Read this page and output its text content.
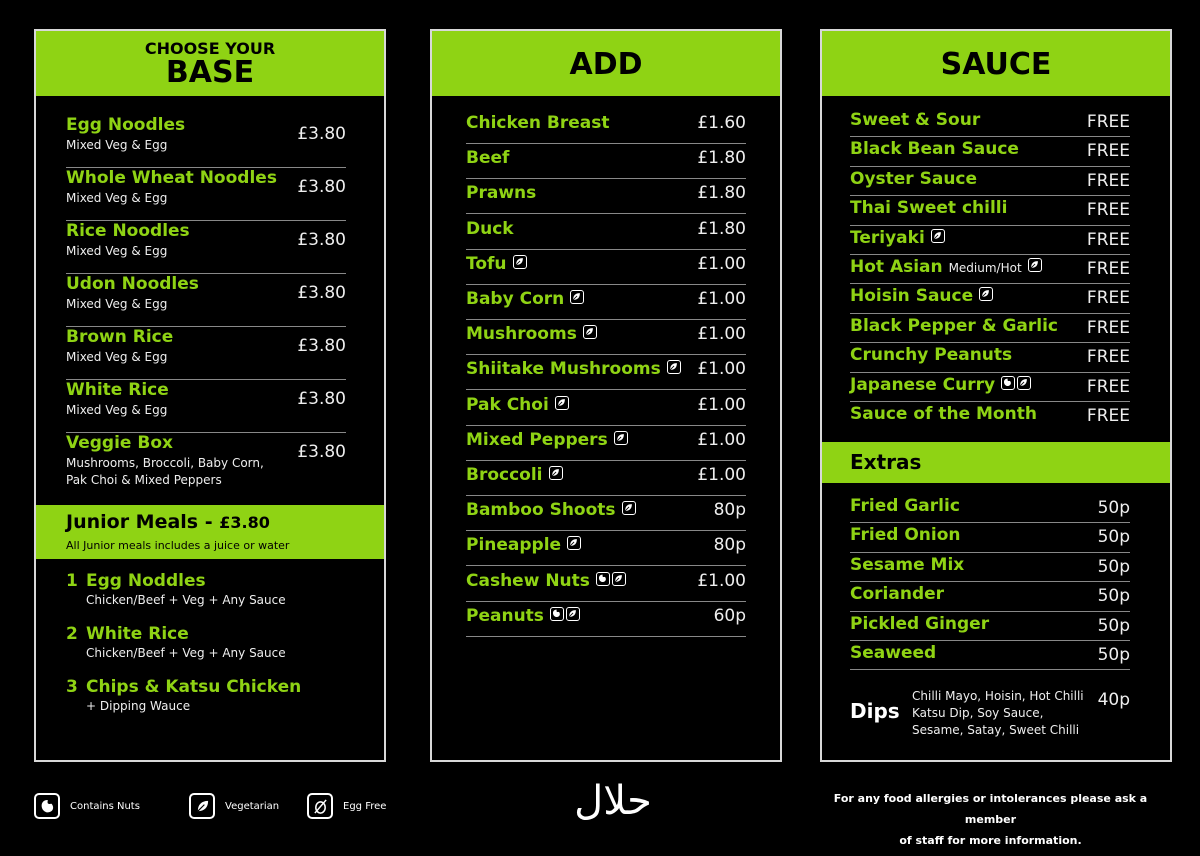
CHOOSE YOUR
BASE
Egg Noodles
Mixed Veg & Egg
£3.80
Whole Wheat Noodles
Mixed Veg & Egg
£3.80
Rice Noodles
Mixed Veg & Egg
£3.80
Udon Noodles
Mixed Veg & Egg
£3.80
Brown Rice
Mixed Veg & Egg
£3.80
White Rice
Mixed Veg & Egg
£3.80
Veggie Box
Mushrooms, Broccoli, Baby Corn,
Pak Choi & Mixed Peppers
£3.80
Junior Meals - £3.80
All Junior meals includes a juice or water
1 Egg Noddles
Chicken/Beef + Veg + Any Sauce
2 White Rice
Chicken/Beef + Veg + Any Sauce
3 Chips & Katsu Chicken
+ Dipping Wauce
ADD
Chicken Breast	£1.60
Beef	£1.80
Prawns	£1.80
Duck	£1.80
Tofu	£1.00
Baby Corn	£1.00
Mushrooms	£1.00
Shiitake Mushrooms	£1.00
Pak Choi	£1.00
Mixed Peppers	£1.00
Broccoli	£1.00
Bamboo Shoots	80p
Pineapple	80p
Cashew Nuts	£1.00
Peanuts	60p
SAUCE
Sweet & Sour	FREE
Black Bean Sauce	FREE
Oyster Sauce	FREE
Thai Sweet chilli	FREE
Teriyaki	FREE
Hot Asian Medium/Hot	FREE
Hoisin Sauce	FREE
Black Pepper & Garlic FREE
Crunchy Peanuts	FREE
Japanese Curry	FREE
Sauce of the Month	FREE
Extras
Fried Garlic	50p
Fried Onion	50p
Sesame Mix	50p
Coriander	50p
Pickled Ginger	50p
Seaweed	50p
Dips
Chilli Mayo, Hoisin, Hot Chilli Katsu Dip, Soy Sauce, Sesame, Satay, Sweet Chilli
40p
Contains Nuts	Vegetarian	Egg Free	حلال	For any food allergies or intolerances please ask a member
of staff for more information.
